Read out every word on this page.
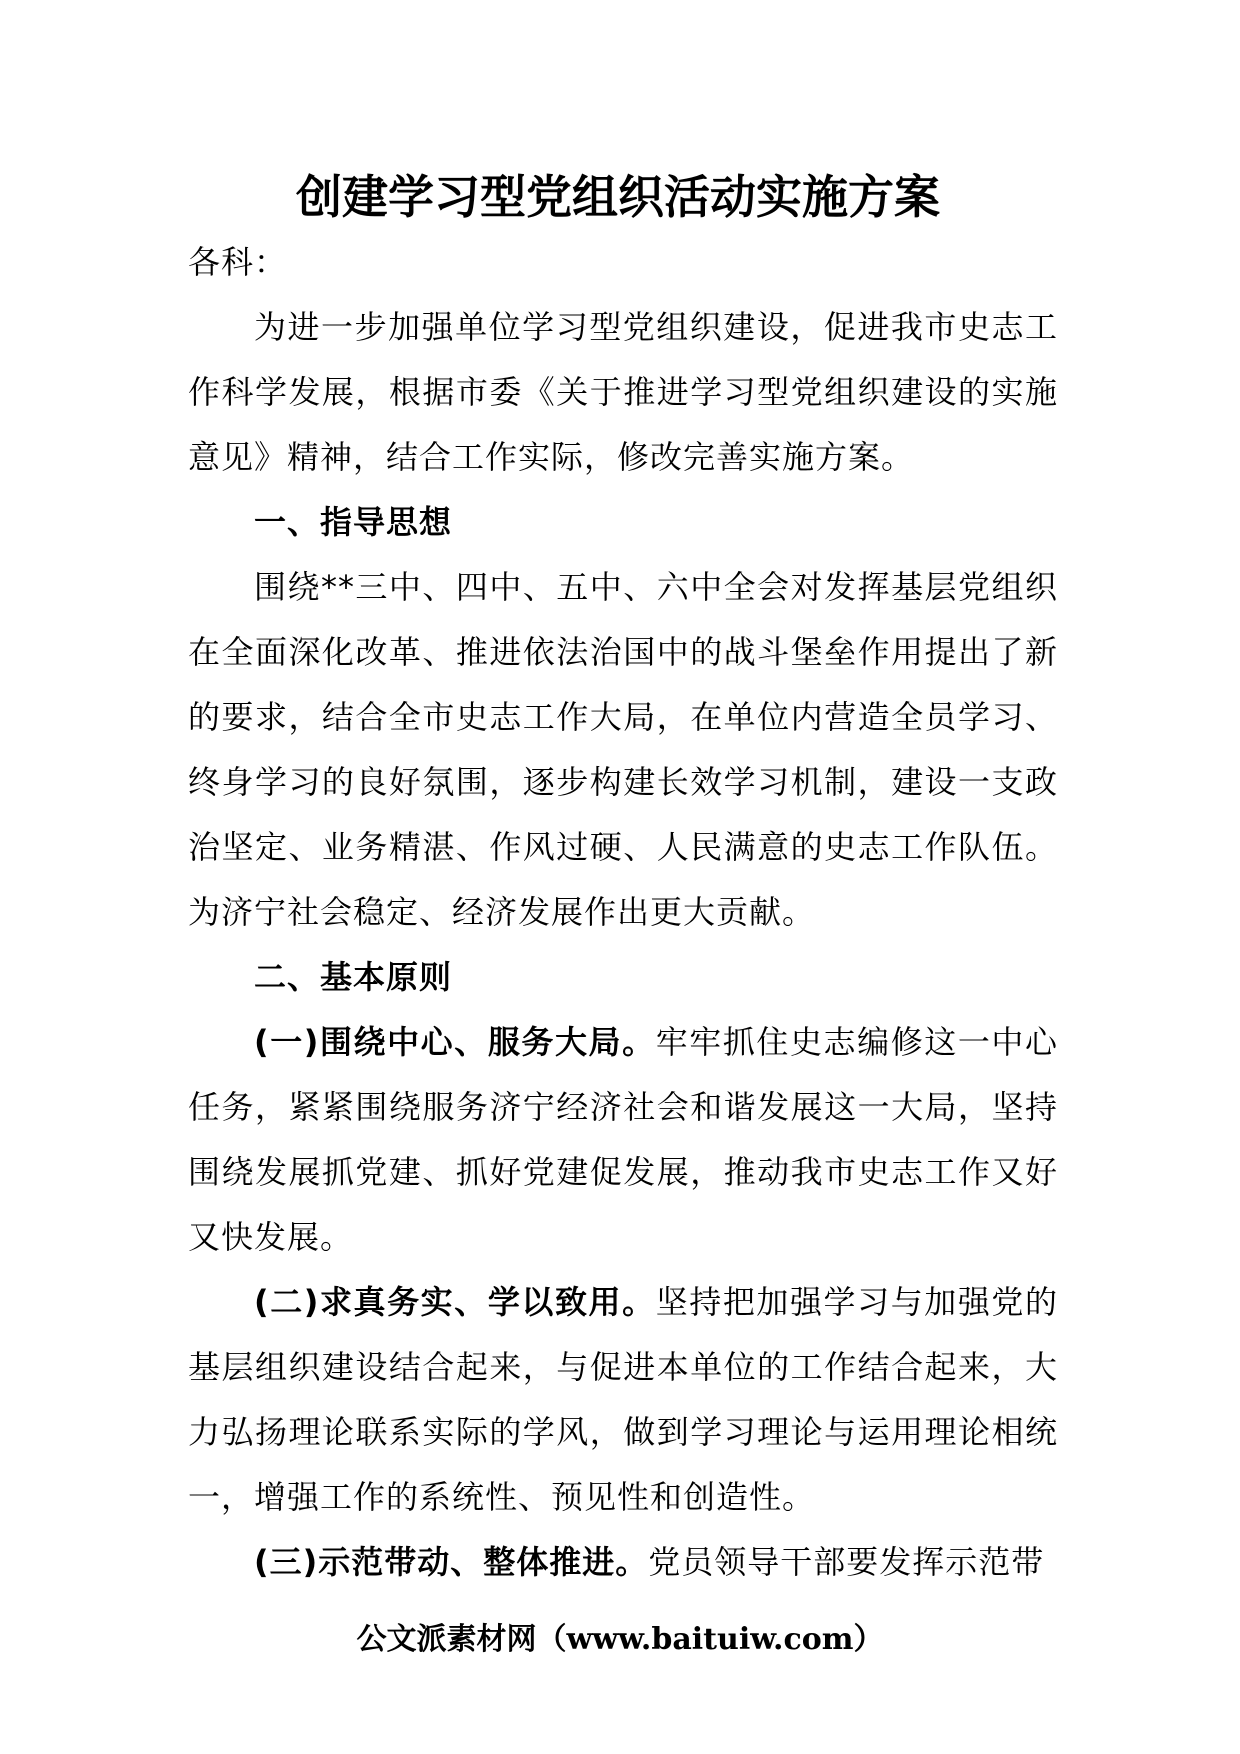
创建学习型党组织活动实施方案

各科：

为进一步加强单位学习型党组织建设，促进我市史志工作科学发展，根据市委《关于推进学习型党组织建设的实施意见》精神，结合工作实际，修改完善实施方案。

一、指导思想

围绕**三中、四中、五中、六中全会对发挥基层党组织在全面深化改革、推进依法治国中的战斗堡垒作用提出了新的要求，结合全市史志工作大局，在单位内营造全员学习、终身学习的良好氛围，逐步构建长效学习机制，建设一支政治坚定、业务精湛、作风过硬、人民满意的史志工作队伍。为济宁社会稳定、经济发展作出更大贡献。

二、基本原则

(一)围绕中心、服务大局。牢牢抓住史志编修这一中心任务，紧紧围绕服务济宁经济社会和谐发展这一大局，坚持围绕发展抓党建、抓好党建促发展，推动我市史志工作又好又快发展。

(二)求真务实、学以致用。坚持把加强学习与加强党的基层组织建设结合起来，与促进本单位的工作结合起来，大力弘扬理论联系实际的学风，做到学习理论与运用理论相统一，增强工作的系统性、预见性和创造性。

(三)示范带动、整体推进。党员领导干部要发挥示范带

公文派素材网（www.baituiw.com）
